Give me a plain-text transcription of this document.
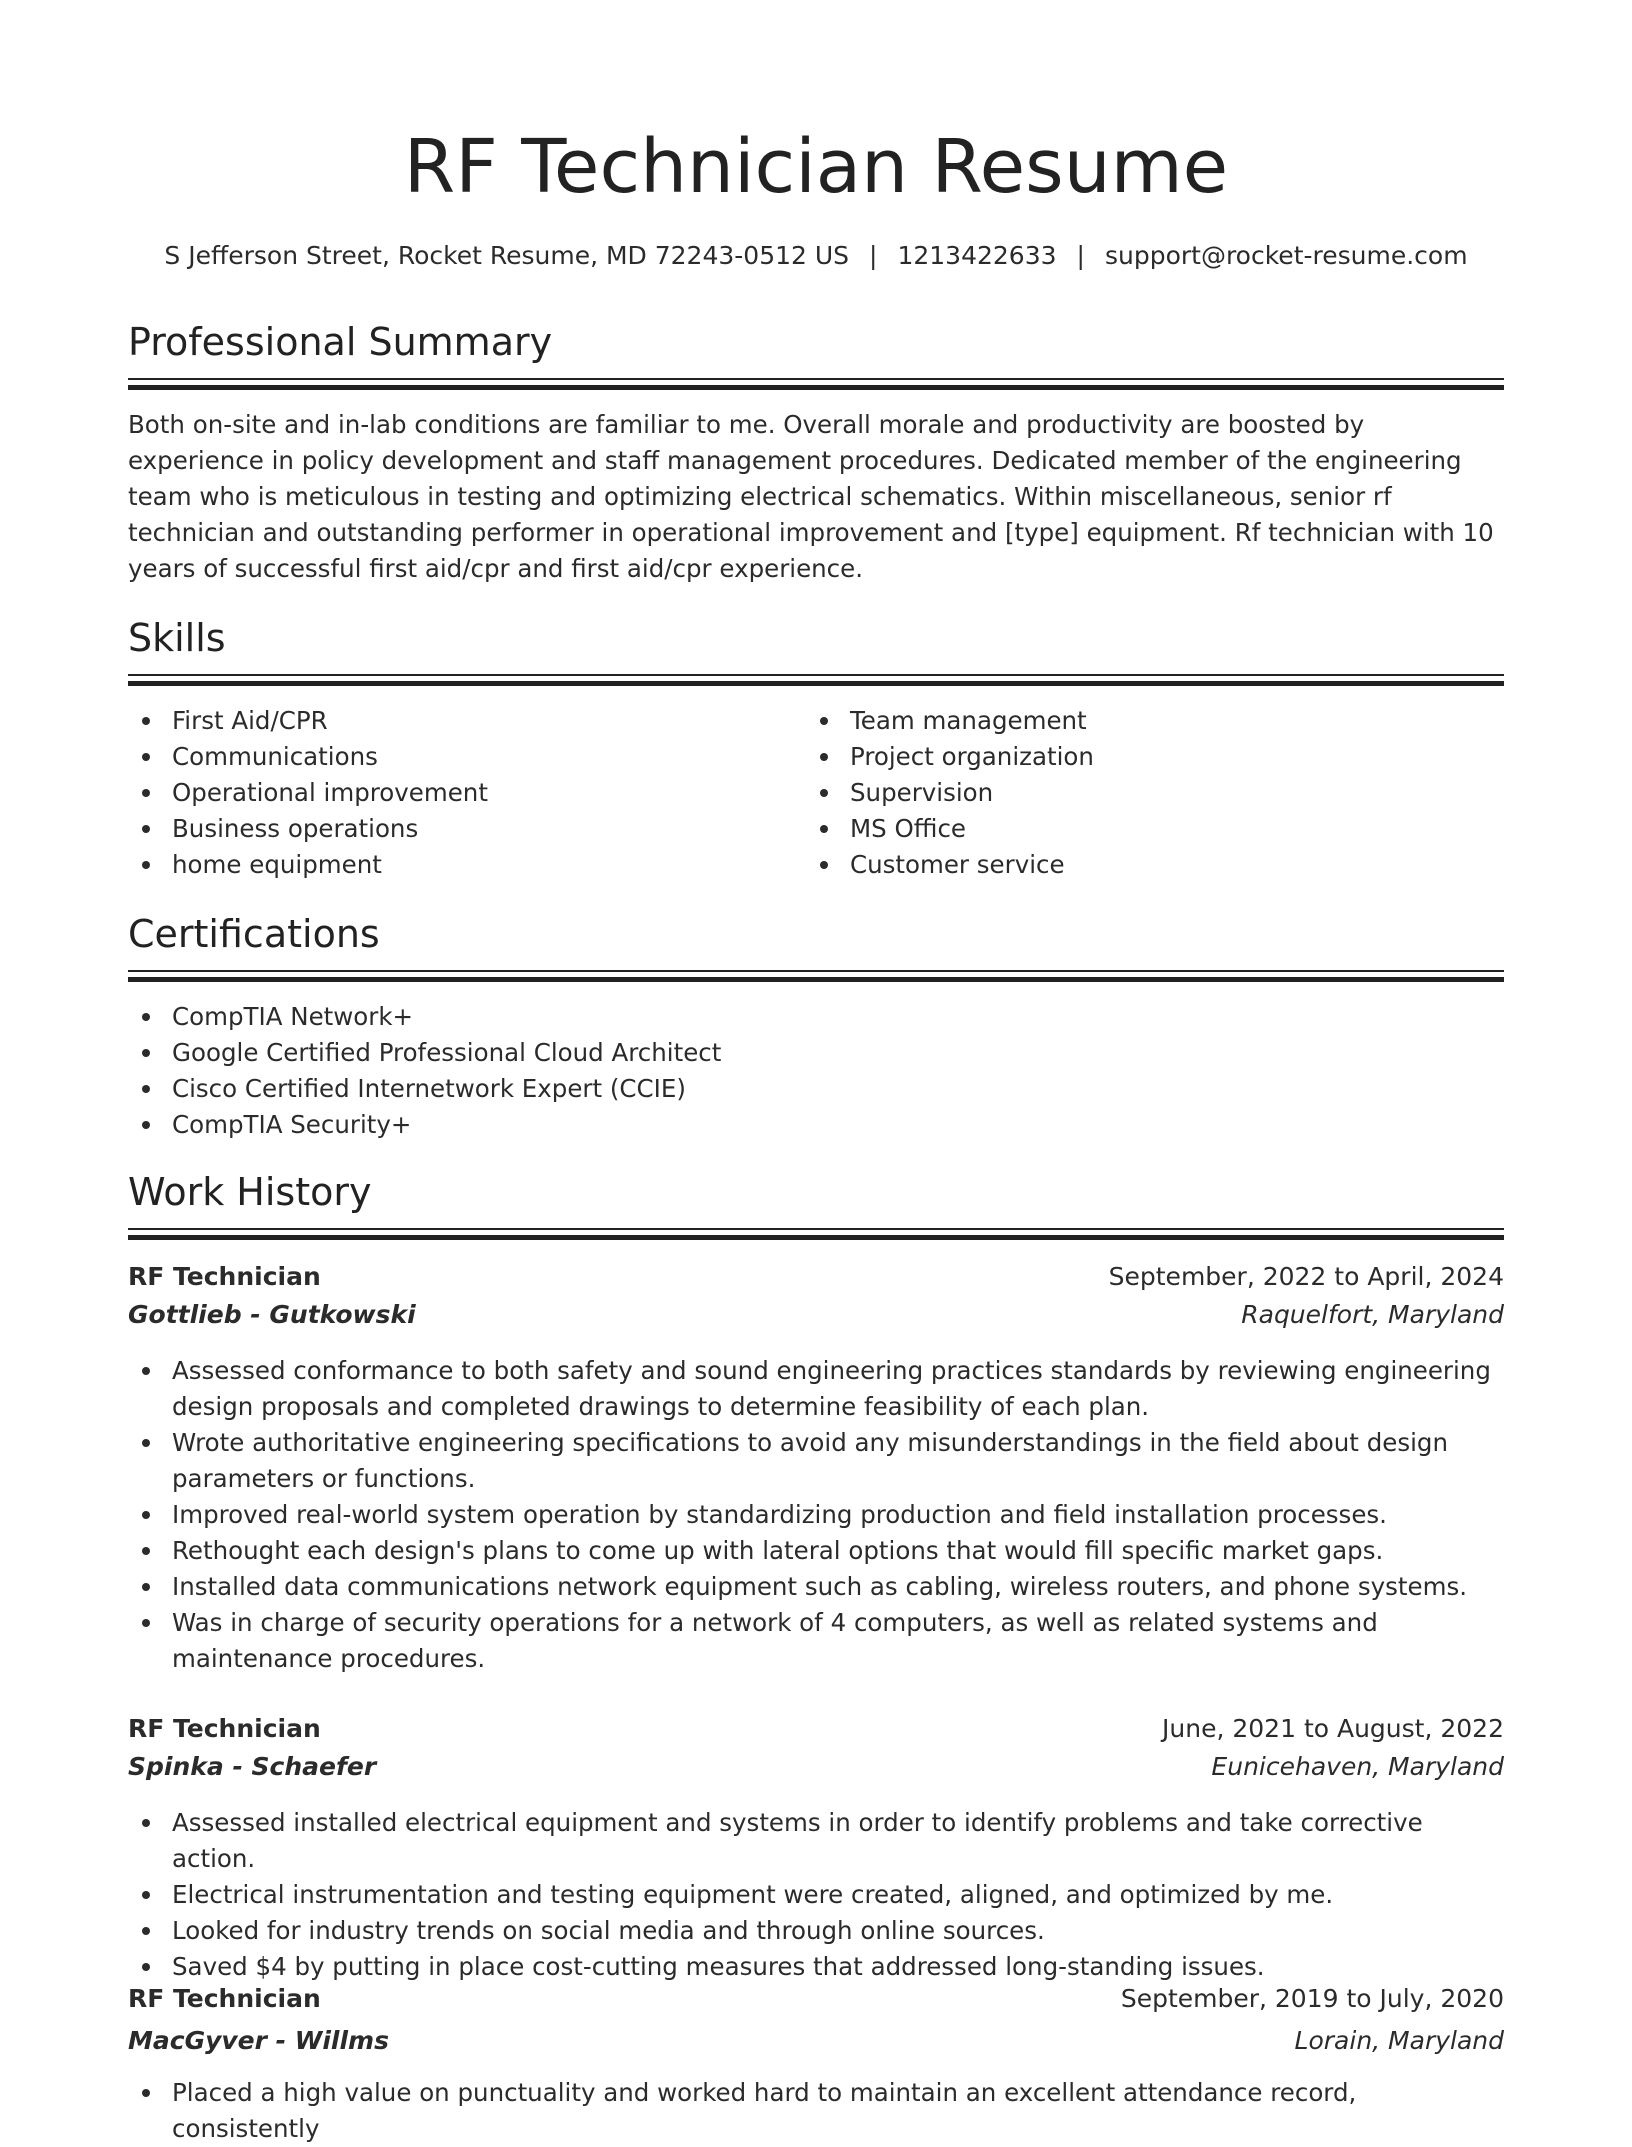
RF Technician Resume
S Jefferson Street, Rocket Resume, MD 72243-0512 US | 1213422633 | support@rocket-resume.com
Professional Summary

Both on-site and in-lab conditions are familiar to me. Overall morale and productivity are boosted by experience in policy development and staff management procedures. Dedicated member of the engineering team who is meticulous in testing and optimizing electrical schematics. Within miscellaneous, senior rf technician and outstanding performer in operational improvement and [type] equipment. Rf technician with 10 years of successful first aid/cpr and first aid/cpr experience.

Skills
First Aid/CPR
Communications
Operational improvement
Business operations
home equipment
Team management
Project organization
Supervision
MS Office
Customer service
Certifications
CompTIA Network+
Google Certified Professional Cloud Architect
Cisco Certified Internetwork Expert (CCIE)
CompTIA Security+
Work History
RF Technician	September, 2022 to April, 2024
Gottlieb - Gutkowski	Raquelfort, Maryland
Assessed conformance to both safety and sound engineering practices standards by reviewing engineering design proposals and completed drawings to determine feasibility of each plan.
Wrote authoritative engineering specifications to avoid any misunderstandings in the field about design parameters or functions.
Improved real-world system operation by standardizing production and field installation processes.
Rethought each design's plans to come up with lateral options that would fill specific market gaps.
Installed data communications network equipment such as cabling, wireless routers, and phone systems.
Was in charge of security operations for a network of 4 computers, as well as related systems and maintenance procedures.
RF Technician	June, 2021 to August, 2022
Spinka - Schaefer	Eunicehaven, Maryland
Assessed installed electrical equipment and systems in order to identify problems and take corrective action.
Electrical instrumentation and testing equipment were created, aligned, and optimized by me.
Looked for industry trends on social media and through online sources.
Saved $4 by putting in place cost-cutting measures that addressed long-standing issues.
RF Technician	September, 2019 to July, 2020
MacGyver - Willms	Lorain, Maryland
Placed a high value on punctuality and worked hard to maintain an excellent attendance record, consistently
